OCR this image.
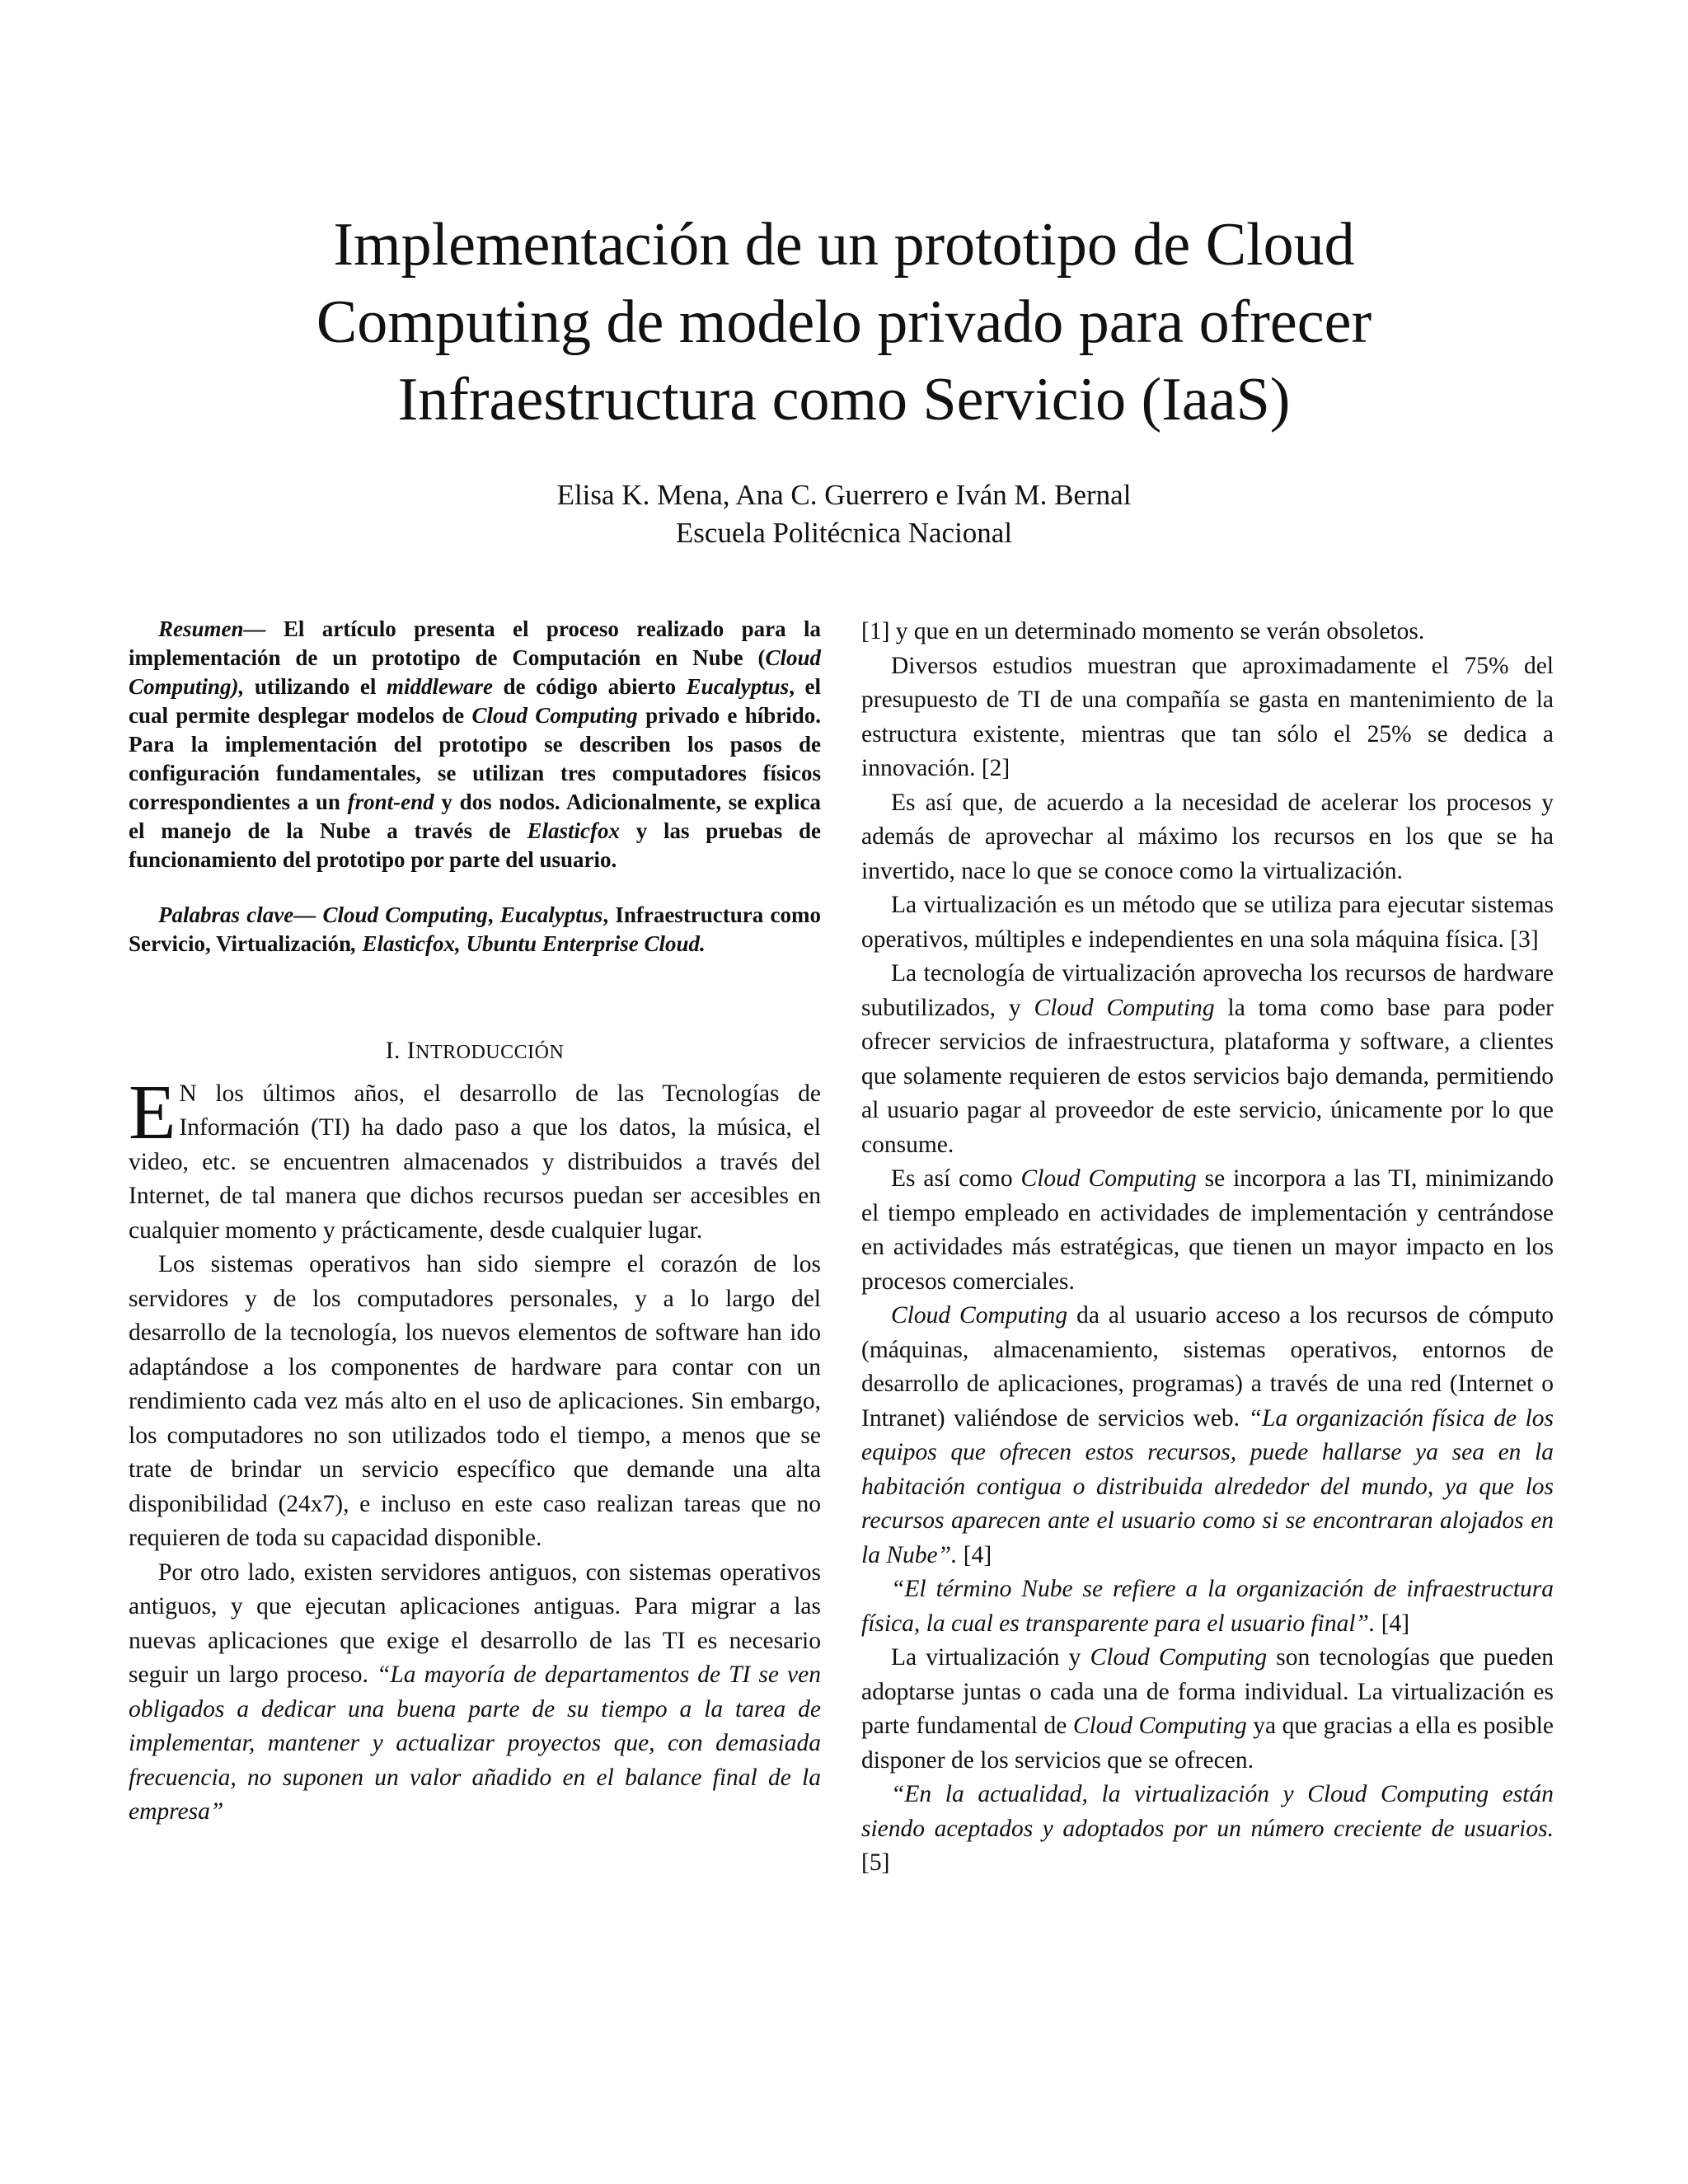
Implementación de un prototipo de Cloud
Computing de modelo privado para ofrecer
Infraestructura como Servicio (IaaS)
Elisa K. Mena, Ana C. Guerrero e Iván M. Bernal
Escuela Politécnica Nacional

Resumen— El artículo presenta el proceso realizado para la implementación de un prototipo de Computación en Nube (Cloud Computing), utilizando el middleware de código abierto Eucalyptus, el cual permite desplegar modelos de Cloud Computing privado e híbrido. Para la implementación del prototipo se describen los pasos de configuración fundamentales, se utilizan tres computadores físicos correspondientes a un front-end y dos nodos. Adicionalmente, se explica el manejo de la Nube a través de Elasticfox y las pruebas de funcionamiento del prototipo por parte del usuario.

Palabras clave— Cloud Computing, Eucalyptus, Infraestructura como Servicio, Virtualización, Elasticfox, Ubuntu Enterprise Cloud.

I. INTRODUCCIÓN

E N los últimos años, el desarrollo de las Tecnologías de Información (TI) ha dado paso a que los datos, la música, el video, etc. se encuentren almacenados y distribuidos a través del Internet, de tal manera que dichos recursos puedan ser accesibles en cualquier momento y prácticamente, desde cualquier lugar.

Los sistemas operativos han sido siempre el corazón de los servidores y de los computadores personales, y a lo largo del desarrollo de la tecnología, los nuevos elementos de software han ido adaptándose a los componentes de hardware para contar con un rendimiento cada vez más alto en el uso de aplicaciones. Sin embargo, los computadores no son utilizados todo el tiempo, a menos que se trate de brindar un servicio específico que demande una alta disponibilidad (24x7), e incluso en este caso realizan tareas que no requieren de toda su capacidad disponible.

Por otro lado, existen servidores antiguos, con sistemas operativos antiguos, y que ejecutan aplicaciones antiguas. Para migrar a las nuevas aplicaciones que exige el desarrollo de las TI es necesario seguir un largo proceso. “La mayoría de departamentos de TI se ven obligados a dedicar una buena parte de su tiempo a la tarea de implementar, mantener y actualizar proyectos que, con demasiada frecuencia, no suponen un valor añadido en el balance final de la empresa”

[1] y que en un determinado momento se verán obsoletos.

Diversos estudios muestran que aproximadamente el 75% del presupuesto de TI de una compañía se gasta en mantenimiento de la estructura existente, mientras que tan sólo el 25% se dedica a innovación. [2]

Es así que, de acuerdo a la necesidad de acelerar los procesos y además de aprovechar al máximo los recursos en los que se ha invertido, nace lo que se conoce como la virtualización.

La virtualización es un método que se utiliza para ejecutar sistemas operativos, múltiples e independientes en una sola máquina física. [3]

La tecnología de virtualización aprovecha los recursos de hardware subutilizados, y Cloud Computing la toma como base para poder ofrecer servicios de infraestructura, plataforma y software, a clientes que solamente requieren de estos servicios bajo demanda, permitiendo al usuario pagar al proveedor de este servicio, únicamente por lo que consume.

Es así como Cloud Computing se incorpora a las TI, minimizando el tiempo empleado en actividades de implementación y centrándose en actividades más estratégicas, que tienen un mayor impacto en los procesos comerciales.

Cloud Computing da al usuario acceso a los recursos de cómputo (máquinas, almacenamiento, sistemas operativos, entornos de desarrollo de aplicaciones, programas) a través de una red (Internet o Intranet) valiéndose de servicios web. “La organización física de los equipos que ofrecen estos recursos, puede hallarse ya sea en la habitación contigua o distribuida alrededor del mundo, ya que los recursos aparecen ante el usuario como si se encontraran alojados en la Nube”. [4]

“El término Nube se refiere a la organización de infraestructura física, la cual es transparente para el usuario final”. [4]

La virtualización y Cloud Computing son tecnologías que pueden adoptarse juntas o cada una de forma individual. La virtualización es parte fundamental de Cloud Computing ya que gracias a ella es posible disponer de los servicios que se ofrecen.

“En la actualidad, la virtualización y Cloud Computing están siendo aceptados y adoptados por un número creciente de usuarios. [5]
